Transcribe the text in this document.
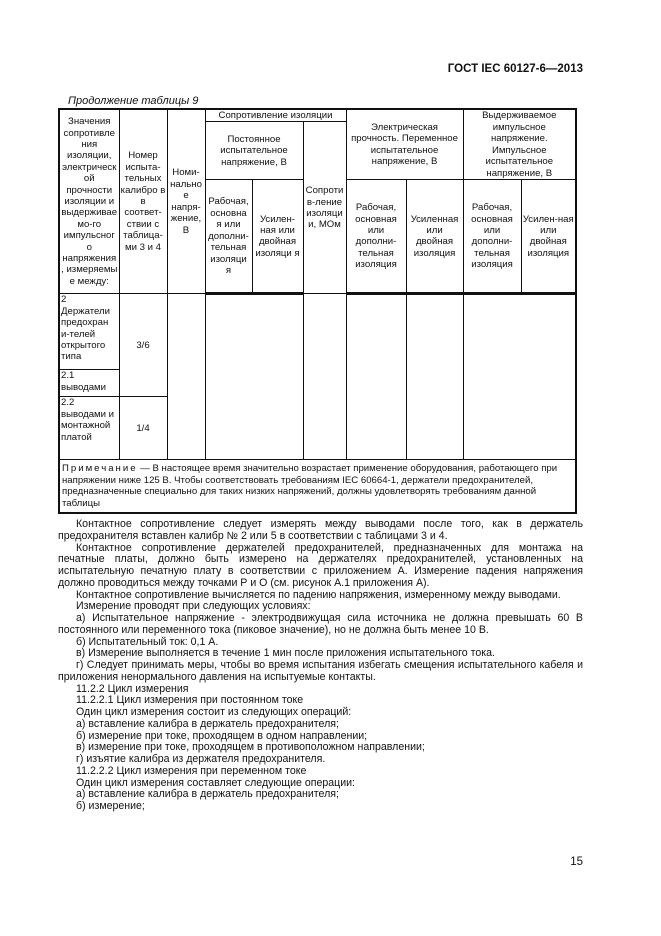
ГОСТ IEC 60127-6—2013
Продолжение таблицы 9
Значения сопротивле ния изоляции, электрическ ой прочности изоляции и выдерживае мо-го импульсног о напряжения , измеряемы е между:	Номер испыта-тельных калибро в в соответ-ствии с таблица-ми 3 и 4	Номи-нально е напря-жение, В	Сопротивление изоляции			Электрическая прочность. Переменное испытательное напряжение, В		Выдерживаемое импульсное напряжение. Импульсное испытательное напряжение, В	
			Постоянное испытательное напряжение, В		Сопроти в-ление изоляци и, МОм				
			Рабочая, основна я или дополни-тельная изоляци я	Усилен-ная или двойная изоляци я		Рабочая, основная или дополни-тельная изоляция	Усиленная или двойная изоляция	Рабочая, основная или дополни-тельная изоляция	Усилен-ная или двойная изоляция
2 Держатели предохран и-телей открытого типа	3/6								
2.1 выводами									
2.2 выводами и монтажной платой	1/4								
Примечание — В настоящее время значительно возрастает применение оборудования, работающего при напряжении ниже 125 В. Чтобы соответствовать требованиям IEC 60664-1, держатели предохранителей, предназначенные специально для таких низких напряжений, должны удовлетворять требованиям данной таблицы									

Контактное сопротивление следует измерять между выводами после того, как в держатель предохранителя вставлен калибр № 2 или 5 в соответствии с таблицами 3 и 4.

Контактное сопротивление держателей предохранителей, предназначенных для монтажа на печатные платы, должно быть измерено на держателях предохранителей, установленных на испытательную печатную плату в соответствии с приложением А. Измерение падения напряжения должно проводиться между точками Р и О (см. рисунок А.1 приложения А).

Контактное сопротивление вычисляется по падению напряжения, измеренному между выводами.

Измерение проводят при следующих условиях:

а) Испытательное напряжение - электродвижущая сила источника не должна превышать 60 В постоянного или переменного тока (пиковое значение), но не должна быть менее 10 В.

б) Испытательный ток: 0,1 А.

в) Измерение выполняется в течение 1 мин после приложения испытательного тока.

г) Следует принимать меры, чтобы во время испытания избегать смещения испытательного кабеля и приложения ненормального давления на испытуемые контакты.

11.2.2 Цикл измерения

11.2.2.1 Цикл измерения при постоянном токе

Один цикл измерения состоит из следующих операций:

а) вставление калибра в держатель предохранителя;

б) измерение при токе, проходящем в одном направлении;

в) измерение при токе, проходящем в противоположном направлении;

г) изъятие калибра из держателя предохранителя.

11.2.2.2 Цикл измерения при переменном токе

Один цикл измерения составляет следующие операции:

а) вставление калибра в держатель предохранителя;

б) измерение;

15
